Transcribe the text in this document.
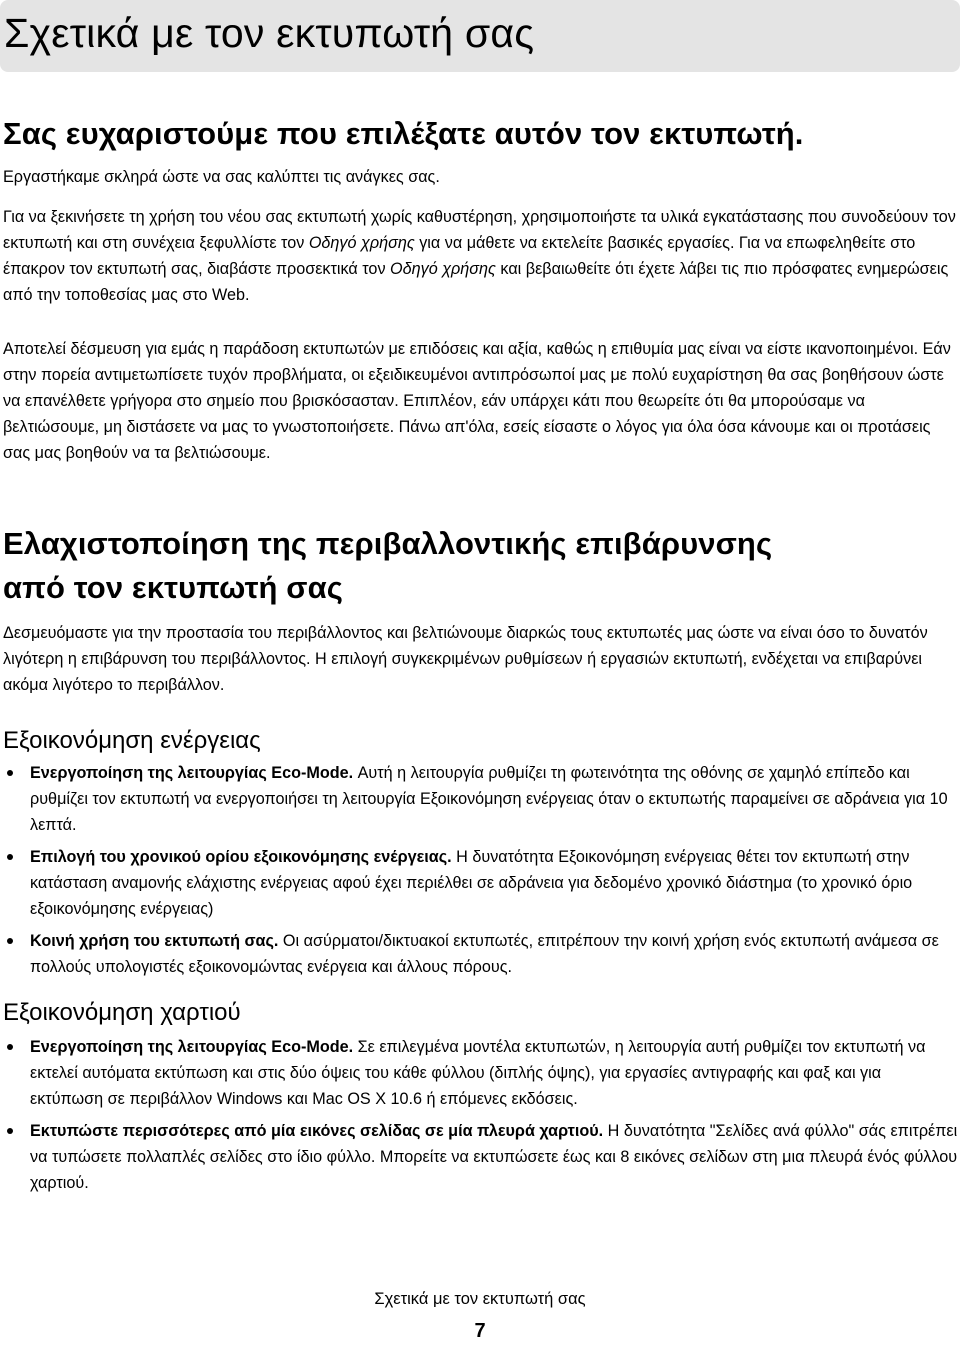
Σχετικά με τον εκτυπωτή σας
Σας ευχαριστούμε που επιλέξατε αυτόν τον εκτυπωτή.

Εργαστήκαμε σκληρά ώστε να σας καλύπτει τις ανάγκες σας.

Για να ξεκινήσετε τη χρήση του νέου σας εκτυπωτή χωρίς καθυστέρηση, χρησιμοποιήστε τα υλικά εγκατάστασης που συνοδεύουν τον εκτυπωτή και στη συνέχεια ξεφυλλίστε τον Οδηγό χρήσης για να μάθετε να εκτελείτε βασικές εργασίες. Για να επωφεληθείτε στο έπακρον τον εκτυπωτή σας, διαβάστε προσεκτικά τον Οδηγό χρήσης και βεβαιωθείτε ότι έχετε λάβει τις πιο πρόσφατες ενημερώσεις από την τοποθεσίας μας στο Web.

Αποτελεί δέσμευση για εμάς η παράδοση εκτυπωτών με επιδόσεις και αξία, καθώς η επιθυμία μας είναι να είστε ικανοποιημένοι. Εάν στην πορεία αντιμετωπίσετε τυχόν προβλήματα, οι εξειδικευμένοι αντιπρόσωποί μας με πολύ ευχαρίστηση θα σας βοηθήσουν ώστε να επανέλθετε γρήγορα στο σημείο που βρισκόσασταν. Επιπλέον, εάν υπάρχει κάτι που θεωρείτε ότι θα μπορούσαμε να βελτιώσουμε, μη διστάσετε να μας το γνωστοποιήσετε. Πάνω απ'όλα, εσείς είσαστε ο λόγος για όλα όσα κάνουμε και οι προτάσεις σας μας βοηθούν να τα βελτιώσουμε.

Ελαχιστοποίηση της περιβαλλοντικής επιβάρυνσης
από τον εκτυπωτή σας

Δεσμευόμαστε για την προστασία του περιβάλλοντος και βελτιώνουμε διαρκώς τους εκτυπωτές μας ώστε να είναι όσο το δυνατόν λιγότερη η επιβάρυνση του περιβάλλοντος. Η επιλογή συγκεκριμένων ρυθμίσεων ή εργασιών εκτυπωτή, ενδέχεται να επιβαρύνει ακόμα λιγότερο το περιβάλλον.

Εξοικονόμηση ενέργειας
Ενεργοποίηση της λειτουργίας Eco-Mode. Αυτή η λειτουργία ρυθμίζει τη φωτεινότητα της οθόνης σε χαμηλό επίπεδο και ρυθμίζει τον εκτυπωτή να ενεργοποιήσει τη λειτουργία Εξοικονόμηση ενέργειας όταν ο εκτυπωτής παραμείνει σε αδράνεια για 10 λεπτά.
Επιλογή του χρονικού ορίου εξοικονόμησης ενέργειας. Η δυνατότητα Εξοικονόμηση ενέργειας θέτει τον εκτυπωτή στην κατάσταση αναμονής ελάχιστης ενέργειας αφού έχει περιέλθει σε αδράνεια για δεδομένο χρονικό διάστημα (το χρονικό όριο εξοικονόμησης ενέργειας)
Κοινή χρήση του εκτυπωτή σας. Οι ασύρματοι/δικτυακοί εκτυπωτές, επιτρέπουν την κοινή χρήση ενός εκτυπωτή ανάμεσα σε πολλούς υπολογιστές εξοικονομώντας ενέργεια και άλλους πόρους.
Εξοικονόμηση χαρτιού
Ενεργοποίηση της λειτουργίας Eco-Mode. Σε επιλεγμένα μοντέλα εκτυπωτών, η λειτουργία αυτή ρυθμίζει τον εκτυπωτή να εκτελεί αυτόματα εκτύπωση και στις δύο όψεις του κάθε φύλλου (διπλής όψης), για εργασίες αντιγραφής και φαξ και για εκτύπωση σε περιβάλλον Windows και Mac OS X 10.6 ή επόμενες εκδόσεις.
Εκτυπώστε περισσότερες από μία εικόνες σελίδας σε μία πλευρά χαρτιού. Η δυνατότητα "Σελίδες ανά φύλλο" σάς επιτρέπει να τυπώσετε πολλαπλές σελίδες στο ίδιο φύλλο. Μπορείτε να εκτυπώσετε έως και 8 εικόνες σελίδων στη μια πλευρά ένός φύλλου χαρτιού.

Σχετικά με τον εκτυπωτή σας

7
